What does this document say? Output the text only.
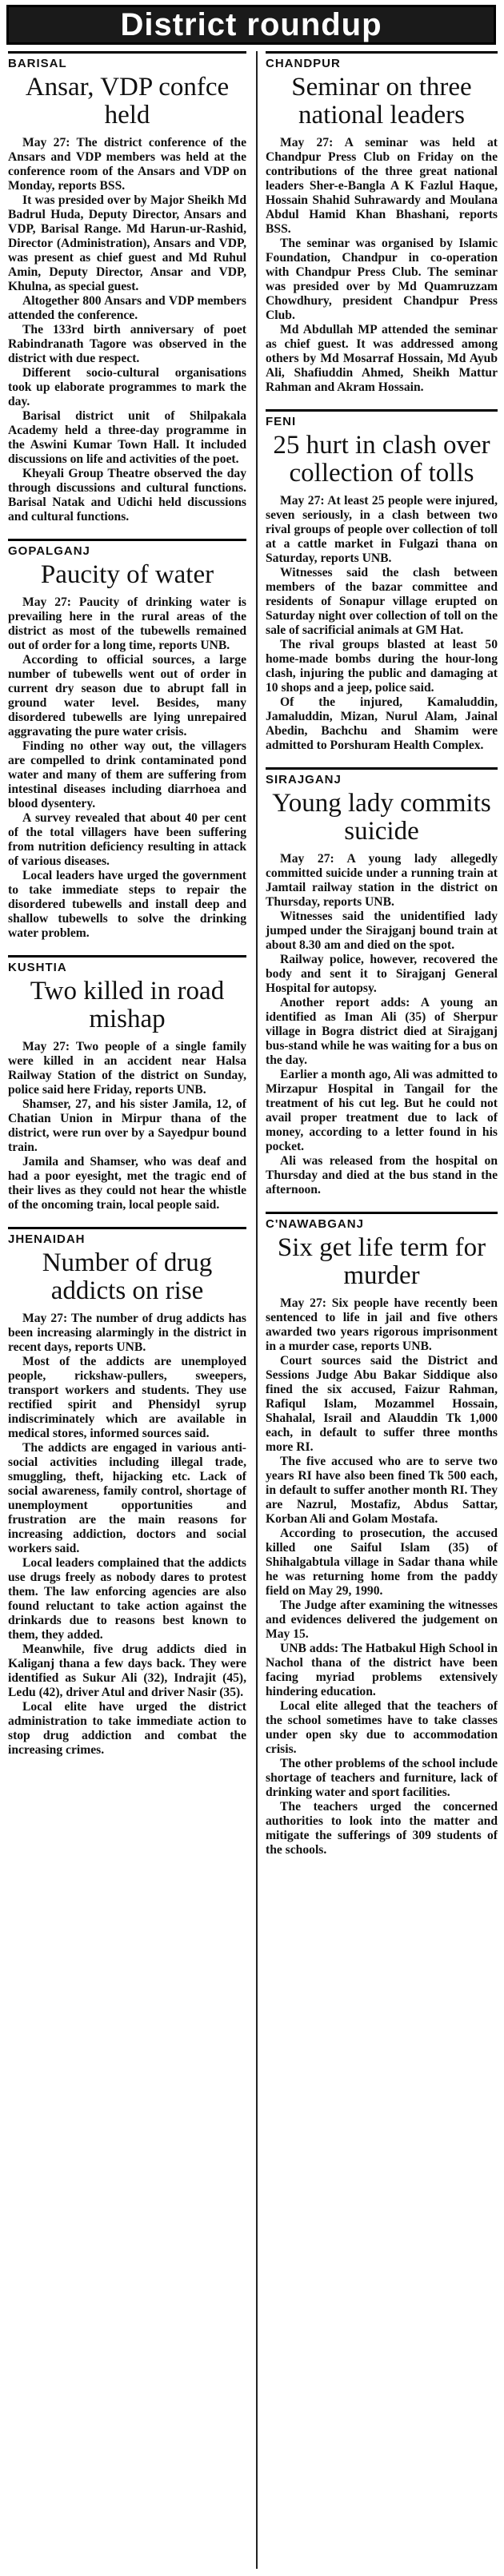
District roundup
BARISAL
Ansar, VDP confce held

May 27: The district conference of the Ansars and VDP members was held at the conference room of the Ansars and VDP on Monday, reports BSS.

It was presided over by Major Sheikh Md Badrul Huda, Deputy Director, Ansars and VDP, Barisal Range. Md Harun-ur-Rashid, Director (Administration), Ansars and VDP, was present as chief guest and Md Ruhul Amin, Deputy Director, Ansar and VDP, Khulna, as special guest.

Altogether 800 Ansars and VDP members attended the conference.

The 133rd birth anniversary of poet Rabindranath Tagore was observed in the district with due respect.

Different socio-cultural organisations took up elaborate programmes to mark the day.

Barisal district unit of Shilpakala Academy held a three-day programme in the Aswini Kumar Town Hall. It included discussions on life and activities of the poet.

Kheyali Group Theatre observed the day through discussions and cultural functions. Barisal Natak and Udichi held discussions and cultural functions.

GOPALGANJ
Paucity of water

May 27: Paucity of drinking water is prevailing here in the rural areas of the district as most of the tubewells remained out of order for a long time, reports UNB.

According to official sources, a large number of tubewells went out of order in current dry season due to abrupt fall in ground water level. Besides, many disordered tubewells are lying unrepaired aggravating the pure water crisis.

Finding no other way out, the villagers are compelled to drink contaminated pond water and many of them are suffering from intestinal diseases including diarrhoea and blood dysentery.

A survey revealed that about 40 per cent of the total villagers have been suffering from nutrition deficiency resulting in attack of various diseases.

Local leaders have urged the government to take immediate steps to repair the disordered tubewells and install deep and shallow tubewells to solve the drinking water problem.

KUSHTIA
Two killed in road mishap

May 27: Two people of a single family were killed in an accident near Halsa Railway Station of the district on Sunday, police said here Friday, reports UNB.

Shamser, 27, and his sister Jamila, 12, of Chatian Union in Mirpur thana of the district, were run over by a Sayedpur bound train.

Jamila and Shamser, who was deaf and had a poor eyesight, met the tragic end of their lives as they could not hear the whistle of the oncoming train, local people said.

JHENAIDAH
Number of drug addicts on rise

May 27: The number of drug addicts has been increasing alarmingly in the district in recent days, reports UNB.

Most of the addicts are unemployed people, rickshaw-pullers, sweepers, transport workers and students. They use rectified spirit and Phensidyl syrup indiscriminately which are available in medical stores, informed sources said.

The addicts are engaged in various anti-social activities including illegal trade, smuggling, theft, hijacking etc. Lack of social awareness, family control, shortage of unemployment opportunities and frustration are the main reasons for increasing addiction, doctors and social workers said.

Local leaders complained that the addicts use drugs freely as nobody dares to protest them. The law enforcing agencies are also found reluctant to take action against the drinkards due to reasons best known to them, they added.

Meanwhile, five drug addicts died in Kaliganj thana a few days back. They were identified as Sukur Ali (32), Indrajit (45), Ledu (42), driver Atul and driver Nasir (35).

Local elite have urged the district administration to take immediate action to stop drug addiction and combat the increasing crimes.

CHANDPUR
Seminar on three national leaders

May 27: A seminar was held at Chandpur Press Club on Friday on the contributions of the three great national leaders Sher-e-Bangla A K Fazlul Haque, Hossain Shahid Suhrawardy and Moulana Abdul Hamid Khan Bhashani, reports BSS.

The seminar was organised by Islamic Foundation, Chandpur in co-operation with Chandpur Press Club. The seminar was presided over by Md Quamruzzam Chowdhury, president Chandpur Press Club.

Md Abdullah MP attended the seminar as chief guest. It was addressed among others by Md Mosarraf Hossain, Md Ayub Ali, Shafiuddin Ahmed, Sheikh Mattur Rahman and Akram Hossain.

FENI
25 hurt in clash over collection of tolls

May 27: At least 25 people were injured, seven seriously, in a clash between two rival groups of people over collection of toll at a cattle market in Fulgazi thana on Saturday, reports UNB.

Witnesses said the clash between members of the bazar committee and residents of Sonapur village erupted on Saturday night over collection of toll on the sale of sacrificial animals at GM Hat.

The rival groups blasted at least 50 home-made bombs during the hour-long clash, injuring the public and damaging at 10 shops and a jeep, police said.

Of the injured, Kamaluddin, Jamaluddin, Mizan, Nurul Alam, Jainal Abedin, Bachchu and Shamim were admitted to Porshuram Health Complex.

SIRAJGANJ
Young lady commits suicide

May 27: A young lady allegedly committed suicide under a running train at Jamtail railway station in the district on Thursday, reports UNB.

Witnesses said the unidentified lady jumped under the Sirajganj bound train at about 8.30 am and died on the spot.

Railway police, however, recovered the body and sent it to Sirajganj General Hospital for autopsy.

Another report adds: A young an identified as Iman Ali (35) of Sherpur village in Bogra district died at Sirajganj bus-stand while he was waiting for a bus on the day.

Earlier a month ago, Ali was admitted to Mirzapur Hospital in Tangail for the treatment of his cut leg. But he could not avail proper treatment due to lack of money, according to a letter found in his pocket.

Ali was released from the hospital on Thursday and died at the bus stand in the afternoon.

C'NAWABGANJ
Six get life term for murder

May 27: Six people have recently been sentenced to life in jail and five others awarded two years rigorous imprisonment in a murder case, reports UNB.

Court sources said the District and Sessions Judge Abu Bakar Siddique also fined the six accused, Faizur Rahman, Rafiqul Islam, Mozammel Hossain, Shahalal, Israil and Alauddin Tk 1,000 each, in default to suffer three months more RI.

The five accused who are to serve two years RI have also been fined Tk 500 each, in default to suffer another month RI. They are Nazrul, Mostafiz, Abdus Sattar, Korban Ali and Golam Mostafa.

According to prosecution, the accused killed one Saiful Islam (35) of Shihalgabtula village in Sadar thana while he was returning home from the paddy field on May 29, 1990.

The Judge after examining the witnesses and evidences delivered the judgement on May 15.

UNB adds: The Hatbakul High School in Nachol thana of the district have been facing myriad problems extensively hindering education.

Local elite alleged that the teachers of the school sometimes have to take classes under open sky due to accommodation crisis.

The other problems of the school include shortage of teachers and furniture, lack of drinking water and sport facilities.

The teachers urged the concerned authorities to look into the matter and mitigate the sufferings of 309 students of the schools.
